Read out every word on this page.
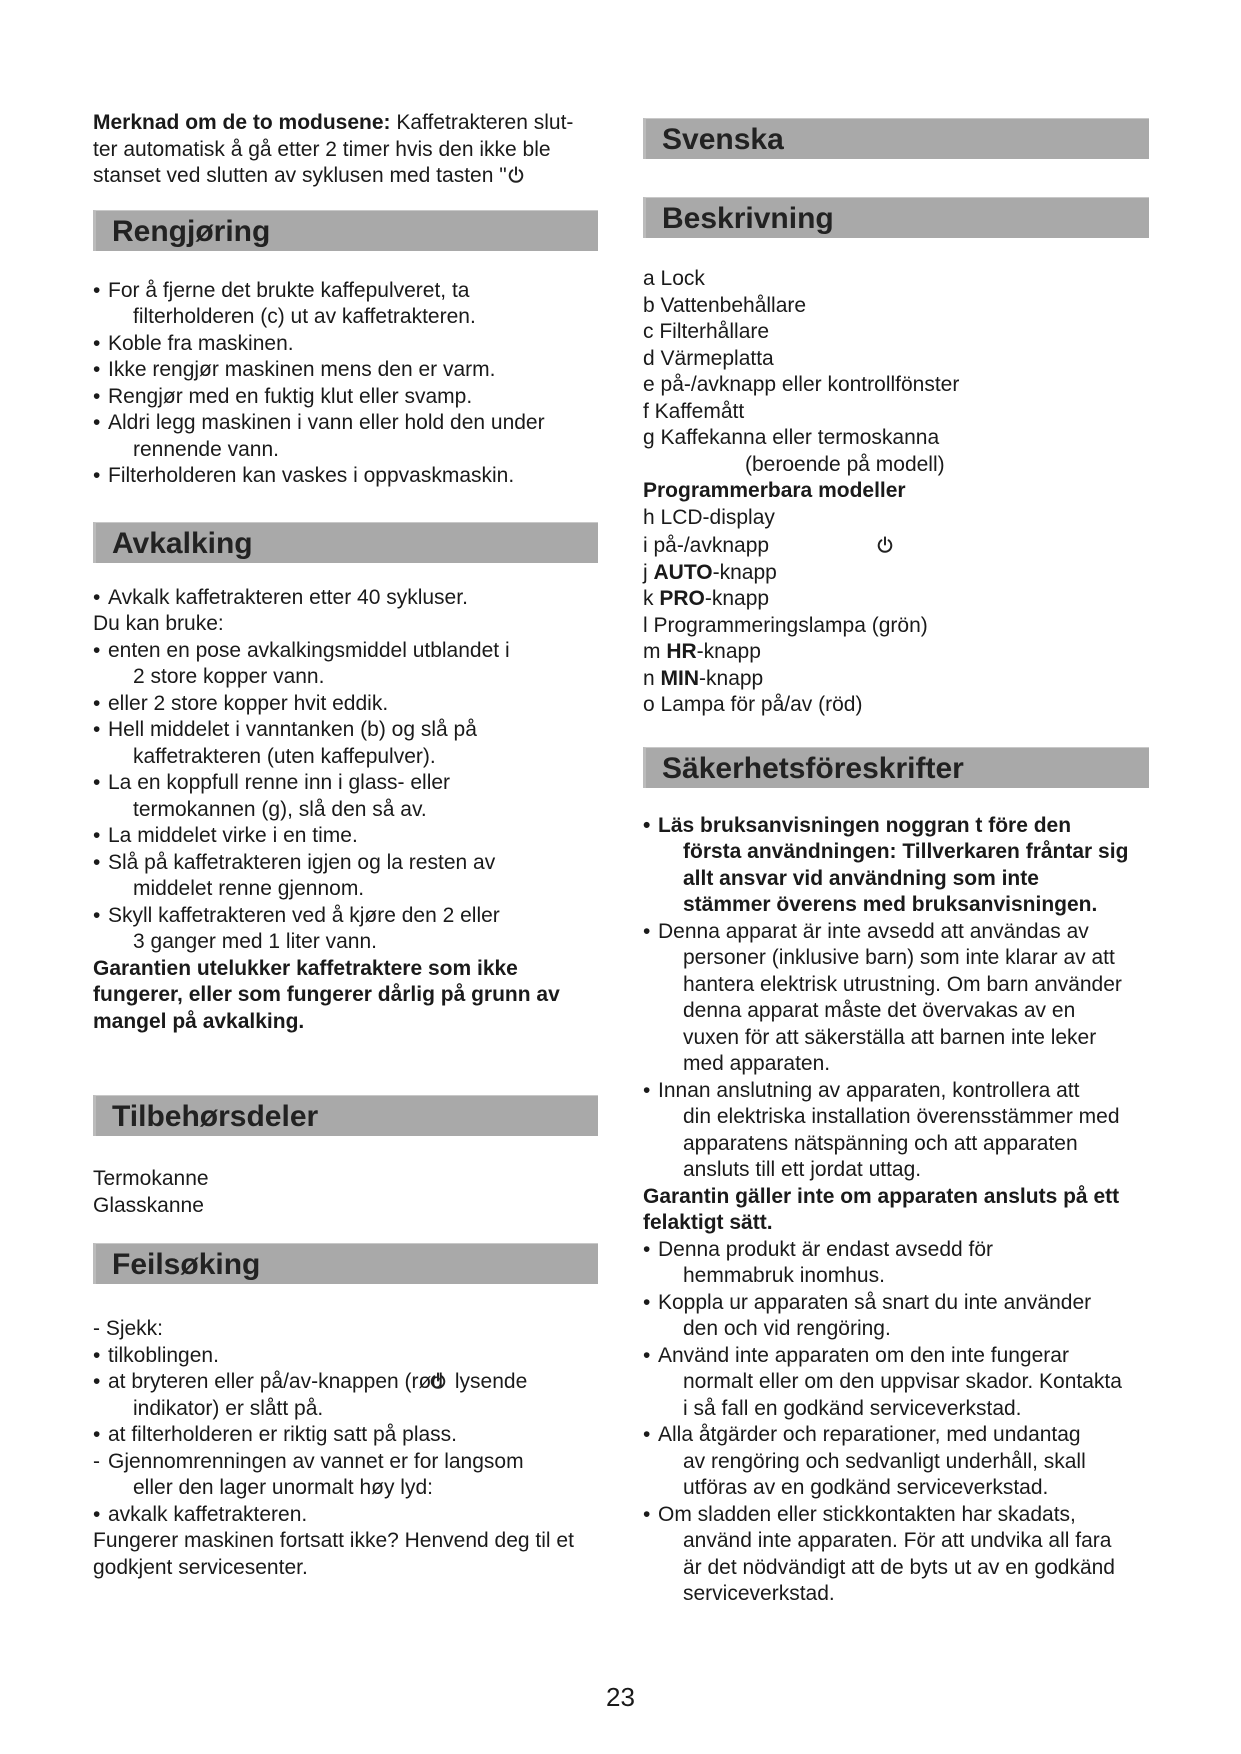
Merknad om de to modusene: Kaffetrakteren slut-
ter automatisk å gå etter 2 timer hvis den ikke ble
stanset ved slutten av syklusen med tasten "
Rengjøring
• For å fjerne det brukte kaffepulveret, ta
filterholderen (c) ut av kaffetrakteren.
• Koble fra maskinen.
• Ikke rengjør maskinen mens den er varm.
• Rengjør med en fuktig klut eller svamp.
• Aldri legg maskinen i vann eller hold den under
rennende vann.
• Filterholderen kan vaskes i oppvaskmaskin.
Avkalking
• Avkalk kaffetrakteren etter 40 sykluser.
Du kan bruke:
• enten en pose avkalkingsmiddel utblandet i
2 store kopper vann.
• eller 2 store kopper hvit eddik.
• Hell middelet i vanntanken (b) og slå på
kaffetrakteren (uten kaffepulver).
• La en koppfull renne inn i glass- eller
termokannen (g), slå den så av.
• La middelet virke i en time.
• Slå på kaffetrakteren igjen og la resten av
middelet renne gjennom.
• Skyll kaffetrakteren ved å kjøre den 2 eller
3 ganger med 1 liter vann.
Garantien utelukker kaffetraktere som ikke
fungerer, eller som fungerer dårlig på grunn av
mangel på avkalking.
Tilbehørsdeler
Termokanne
Glasskanne
Feilsøking
- Sjekk:
• tilkoblingen.
• at bryteren eller på/av-knappen (rød lysende
indikator) er slått på.
• at filterholderen er riktig satt på plass.
- Gjennomrenningen av vannet er for langsom
eller den lager unormalt høy lyd:
• avkalk kaffetrakteren.
Fungerer maskinen fortsatt ikke? Henvend deg til et
godkjent servicesenter.
Svenska
Beskrivning
a Lock
b Vattenbehållare
c Filterhållare
d Värmeplatta
e på-/avknapp eller kontrollfönster
f Kaffemått
g Kaffekanna eller termoskanna
(beroende på modell)
Programmerbara modeller
h LCD-display
i på-/avknapp
j AUTO-knapp
k PRO-knapp
l Programmeringslampa (grön)
m HR-knapp
n MIN-knapp
o Lampa för på/av (röd)
Säkerhetsföreskrifter
• Läs bruksanvisningen noggran t före den
första användningen: Tillverkaren fråntar sig
allt ansvar vid användning som inte
stämmer överens med bruksanvisningen.
• Denna apparat är inte avsedd att användas av
personer (inklusive barn) som inte klarar av att
hantera elektrisk utrustning. Om barn använder
denna apparat måste det övervakas av en
vuxen för att säkerställa att barnen inte leker
med apparaten.
• Innan anslutning av apparaten, kontrollera att
din elektriska installation överensstämmer med
apparatens nätspänning och att apparaten
ansluts till ett jordat uttag.
Garantin gäller inte om apparaten ansluts på ett
felaktigt sätt.
• Denna produkt är endast avsedd för
hemmabruk inomhus.
• Koppla ur apparaten så snart du inte använder
den och vid rengöring.
• Använd inte apparaten om den inte fungerar
normalt eller om den uppvisar skador. Kontakta
i så fall en godkänd serviceverkstad.
• Alla åtgärder och reparationer, med undantag
av rengöring och sedvanligt underhåll, skall
utföras av en godkänd serviceverkstad.
• Om sladden eller stickkontakten har skadats,
använd inte apparaten. För att undvika all fara
är det nödvändigt att de byts ut av en godkänd
serviceverkstad.
23
